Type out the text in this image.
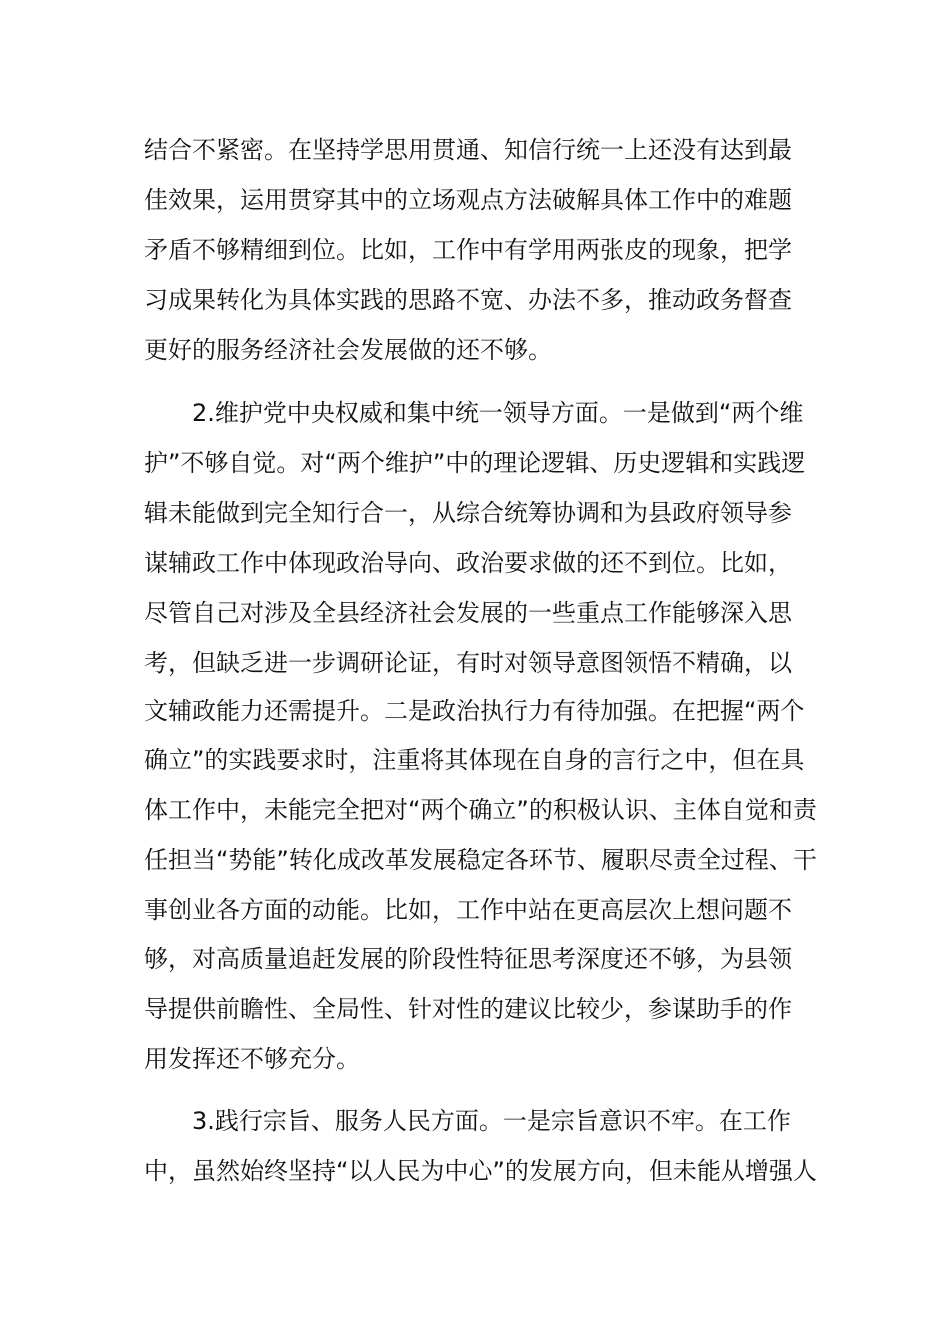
结合不紧密。在坚持学思用贯通、知信行统一上还没有达到最
佳效果，运用贯穿其中的立场观点方法破解具体工作中的难题
矛盾不够精细到位。比如，工作中有学用两张皮的现象，把学
习成果转化为具体实践的思路不宽、办法不多，推动政务督查
更好的服务经济社会发展做的还不够。
2.维护党中央权威和集中统一领导方面。一是做到“两个维
护”不够自觉。对“两个维护”中的理论逻辑、历史逻辑和实践逻
辑未能做到完全知行合一，从综合统筹协调和为县政府领导参
谋辅政工作中体现政治导向、政治要求做的还不到位。比如，
尽管自己对涉及全县经济社会发展的一些重点工作能够深入思
考，但缺乏进一步调研论证，有时对领导意图领悟不精确，以
文辅政能力还需提升。二是政治执行力有待加强。在把握“两个
确立”的实践要求时，注重将其体现在自身的言行之中，但在具
体工作中，未能完全把对“两个确立”的积极认识、主体自觉和责
任担当“势能”转化成改革发展稳定各环节、履职尽责全过程、干
事创业各方面的动能。比如，工作中站在更高层次上想问题不
够，对高质量追赶发展的阶段性特征思考深度还不够，为县领
导提供前瞻性、全局性、针对性的建议比较少，参谋助手的作
用发挥还不够充分。
3.践行宗旨、服务人民方面。一是宗旨意识不牢。在工作
中，虽然始终坚持“以人民为中心”的发展方向，但未能从增强人
